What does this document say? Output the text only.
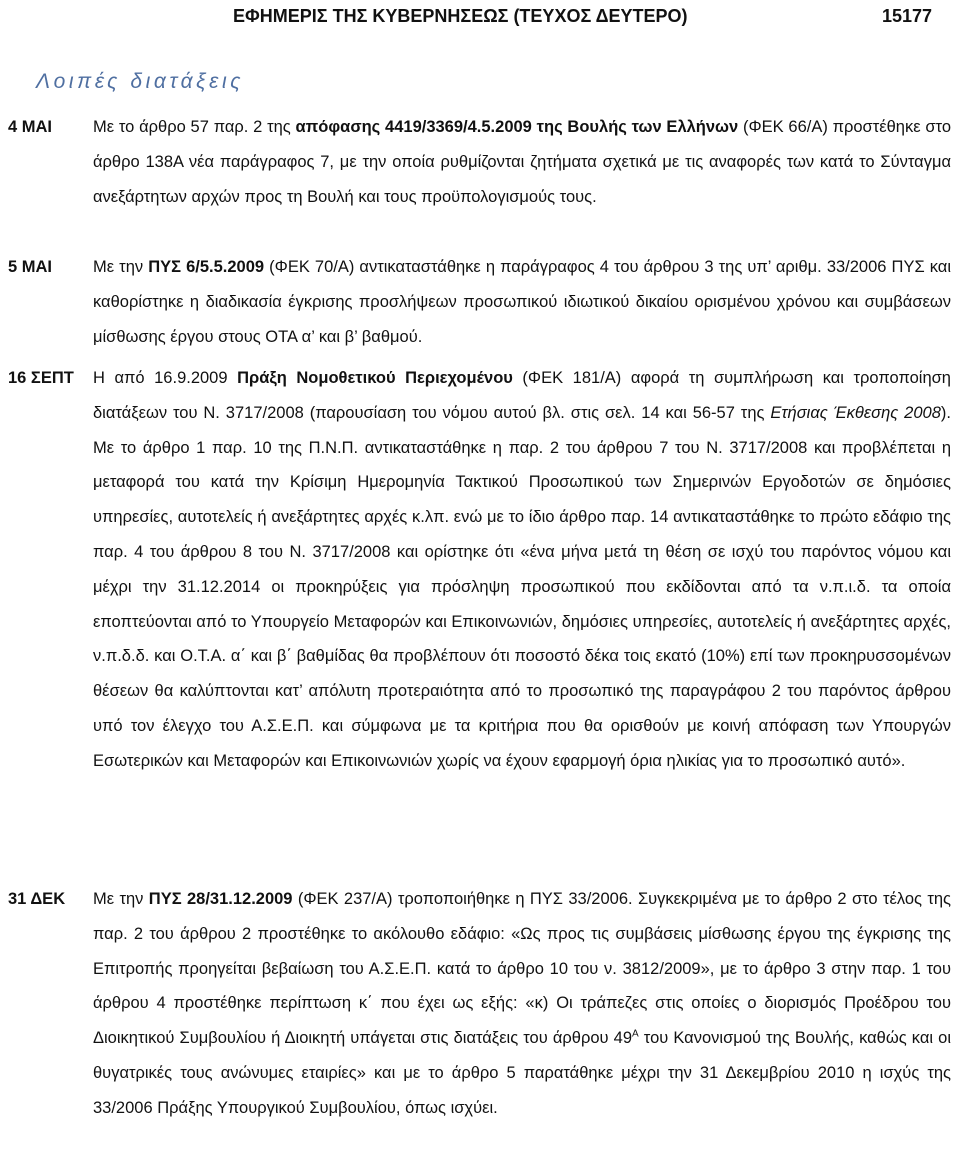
ΕΦΗΜΕΡΙΣ ΤΗΣ ΚΥΒΕΡΝΗΣΕΩΣ (ΤΕΥΧΟΣ ΔΕΥΤΕΡΟ)	15177
Λοιπές διατάξεις
4 ΜΑΙ Με το άρθρο 57 παρ. 2 της απόφασης 4419/3369/4.5.2009 της Βουλής των Ελλήνων (ΦΕΚ 66/Α) προστέθηκε στο άρθρο 138Α νέα παράγραφος 7, με την οποία ρυθμίζονται ζητήματα σχετικά με τις αναφορές των κατά το Σύνταγμα ανεξάρτητων αρχών προς τη Βουλή και τους προϋπολογισμούς τους.
5 ΜΑΙ Με την ΠΥΣ 6/5.5.2009 (ΦΕΚ 70/Α) αντικαταστάθηκε η παράγραφος 4 του άρθρου 3 της υπ’ αριθμ. 33/2006 ΠΥΣ και καθορίστηκε η διαδικασία έγκρισης προσλήψεων προσωπικού ιδιωτικού δικαίου ορισμένου χρόνου και συμβάσεων μίσθωσης έργου στους ΟΤΑ α’ και β’ βαθμού.
16 ΣΕΠΤ Η από 16.9.2009 Πράξη Νομοθετικού Περιεχομένου (ΦΕΚ 181/Α) αφορά τη συμπλήρωση και τροποποίηση διατάξεων του Ν. 3717/2008 (παρουσίαση του νόμου αυτού βλ. στις σελ. 14 και 56-57 της Ετήσιας Έκθεσης 2008). Με το άρθρο 1 παρ. 10 της Π.Ν.Π. αντικαταστάθηκε η παρ. 2 του άρθρου 7 του Ν. 3717/2008 και προβλέπεται η μεταφορά του κατά την Κρίσιμη Ημερομηνία Τακτικού Προσωπικού των Σημερινών Εργοδοτών σε δημόσιες υπηρεσίες, αυτοτελείς ή ανεξάρτητες αρχές κ.λπ. ενώ με το ίδιο άρθρο παρ. 14 αντικαταστάθηκε το πρώτο εδάφιο της παρ. 4 του άρθρου 8 του Ν. 3717/2008 και ορίστηκε ότι «ένα μήνα μετά τη θέση σε ισχύ του παρόντος νόμου και μέχρι την 31.12.2014 οι προκηρύξεις για πρόσληψη προσωπικού που εκδίδονται από τα ν.π.ι.δ. τα οποία εποπτεύονται από το Υπουργείο Μεταφορών και Επικοινωνιών, δημόσιες υπηρεσίες, αυτοτελείς ή ανεξάρτητες αρχές, ν.π.δ.δ. και Ο.Τ.Α. α΄ και β΄ βαθμίδας θα προβλέπουν ότι ποσοστό δέκα τοις εκατό (10%) επί των προκηρυσσομένων θέσεων θα καλύπτονται κατ’ απόλυτη προτεραιότητα από το προσωπικό της παραγράφου 2 του παρόντος άρθρου υπό τον έλεγχο του Α.Σ.Ε.Π. και σύμφωνα με τα κριτήρια που θα ορισθούν με κοινή απόφαση των Υπουργών Εσωτερικών και Μεταφορών και Επικοινωνιών χωρίς να έχουν εφαρμογή όρια ηλικίας για το προσωπικό αυτό».
31 ΔΕΚ Με την ΠΥΣ 28/31.12.2009 (ΦΕΚ 237/Α) τροποποιήθηκε η ΠΥΣ 33/2006. Συγκεκριμένα με το άρθρο 2 στο τέλος της παρ. 2 του άρθρου 2 προστέθηκε το ακόλουθο εδάφιο: «Ως προς τις συμβάσεις μίσθωσης έργου της έγκρισης της Επιτροπής προηγείται βεβαίωση του Α.Σ.Ε.Π. κατά το άρθρο 10 του ν. 3812/2009», με το άρθρο 3 στην παρ. 1 του άρθρου 4 προστέθηκε περίπτωση κ΄ που έχει ως εξής: «κ) Οι τράπεζες στις οποίες ο διορισμός Προέδρου του Διοικητικού Συμβουλίου ή Διοικητή υπάγεται στις διατάξεις του άρθρου $49^A$ του Κανονισμού της Βουλής, καθώς και οι θυγατρικές τους ανώνυμες εταιρίες» και με το άρθρο 5 παρατάθηκε μέχρι την 31 Δεκεμβρίου 2010 η ισχύς της 33/2006 Πράξης Υπουργικού Συμβουλίου, όπως ισχύει.
